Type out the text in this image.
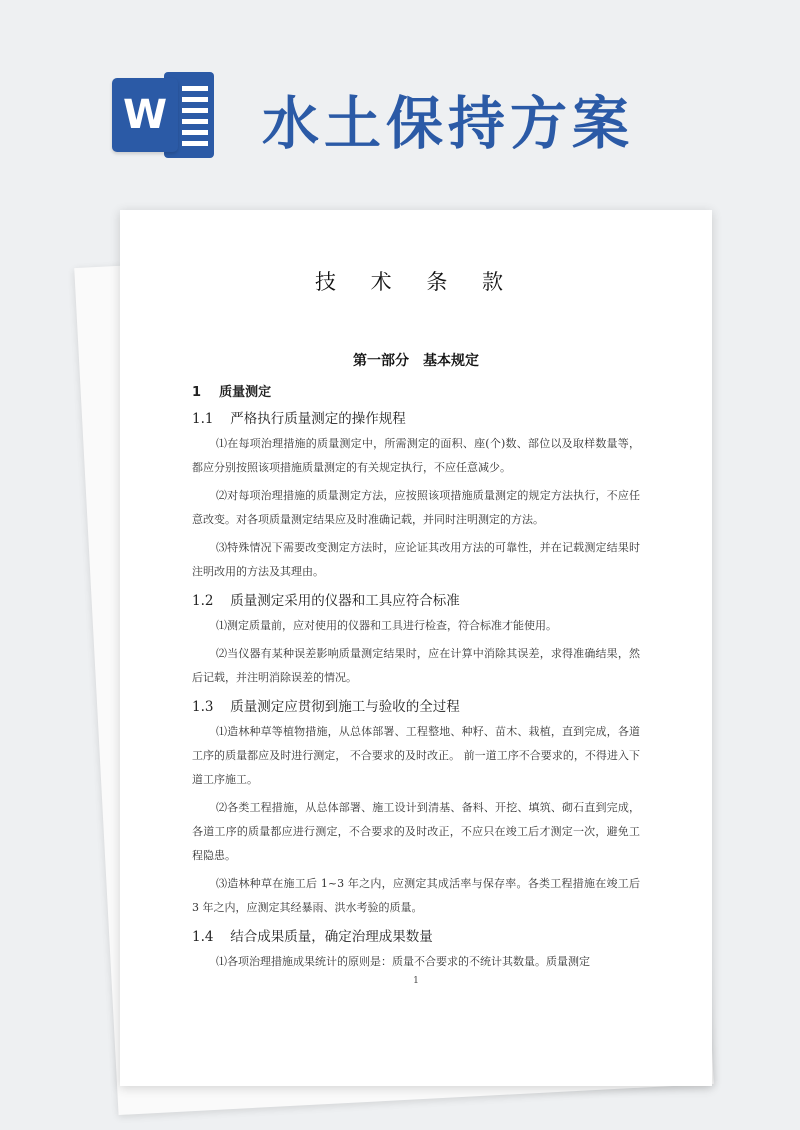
W 水土保持方案
技 术 条 款
第一部分　基本规定
1 质量测定
1.1 严格执行质量测定的操作规程

⑴在每项治理措施的质量测定中，所需测定的面积、座(个)数、部位以及取样数量等，都应分别按照该项措施质量测定的有关规定执行，不应任意减少。

⑵对每项治理措施的质量测定方法，应按照该项措施质量测定的规定方法执行，不应任意改变。对各项质量测定结果应及时准确记载，并同时注明测定的方法。

⑶特殊情况下需要改变测定方法时，应论证其改用方法的可靠性，并在记载测定结果时注明改用的方法及其理由。

1.2 质量测定采用的仪器和工具应符合标准

⑴测定质量前，应对使用的仪器和工具进行检查，符合标准才能使用。

⑵当仪器有某种误差影响质量测定结果时，应在计算中消除其误差，求得准确结果，然后记载，并注明消除误差的情况。

1.3 质量测定应贯彻到施工与验收的全过程

⑴造林种草等植物措施，从总体部署、工程整地、种籽、苗木、栽植，直到完成，各道工序的质量都应及时进行测定， 不合要求的及时改正。 前一道工序不合要求的，不得进入下道工序施工。

⑵各类工程措施，从总体部署、施工设计到清基、备料、开挖、填筑、砌石直到完成，各道工序的质量都应进行测定，不合要求的及时改正，不应只在竣工后才测定一次，避免工程隐患。

⑶造林种草在施工后 1~3 年之内，应测定其成活率与保存率。各类工程措施在竣工后 3 年之内，应测定其经暴雨、洪水考验的质量。

1.4 结合成果质量，确定治理成果数量

⑴各项治理措施成果统计的原则是：质量不合要求的不统计其数量。质量测定

1
